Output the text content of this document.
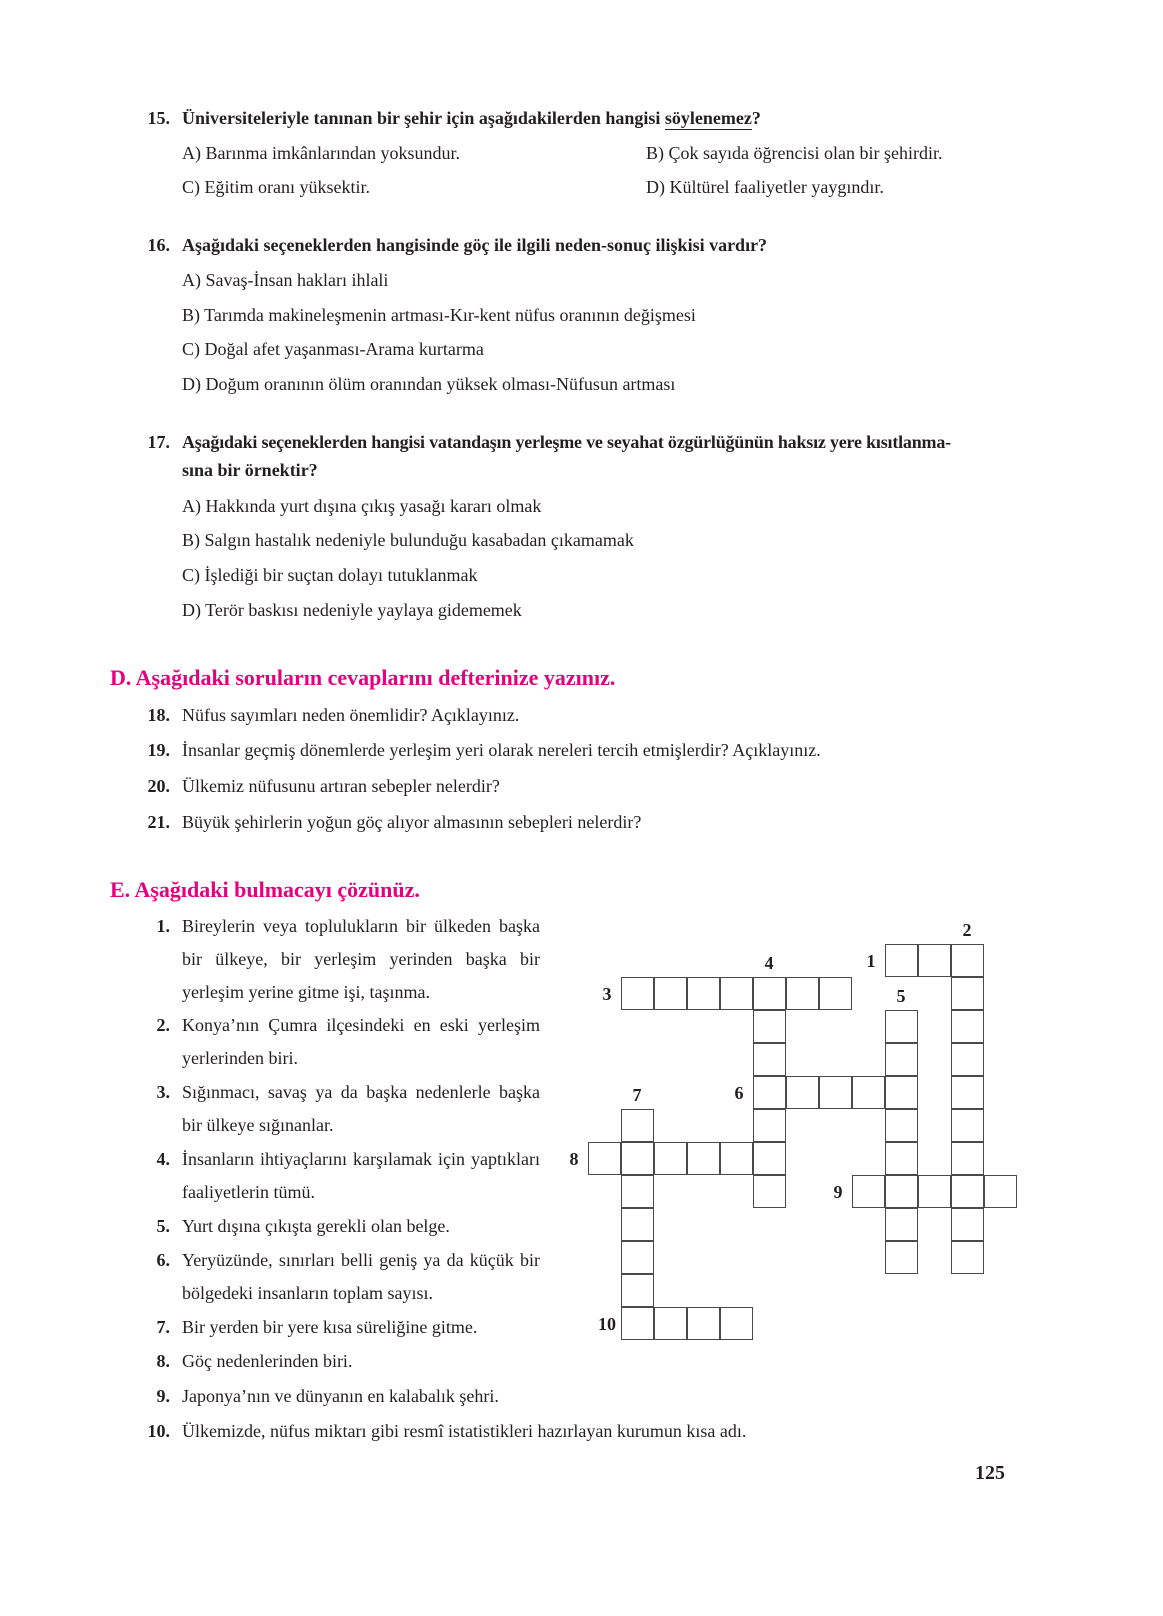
15. Üniversiteleriyle tanınan bir şehir için aşağıdakilerden hangisi söylenemez?
A) Barınma imkânlarından yoksundur.	B) Çok sayıda öğrencisi olan bir şehirdir.
C) Eğitim oranı yüksektir.	D) Kültürel faaliyetler yaygındır.
16. Aşağıdaki seçeneklerden hangisinde göç ile ilgili neden-sonuç ilişkisi vardır?
A) Savaş-İnsan hakları ihlali
B) Tarımda makineleşmenin artması-Kır-kent nüfus oranının değişmesi
C) Doğal afet yaşanması-Arama kurtarma
D) Doğum oranının ölüm oranından yüksek olması-Nüfusun artması
17. Aşağıdaki seçeneklerden hangisi vatandaşın yerleşme ve seyahat özgürlüğünün haksız yere kısıtlanma-
sına bir örnektir?
A) Hakkında yurt dışına çıkış yasağı kararı olmak
B) Salgın hastalık nedeniyle bulunduğu kasabadan çıkamamak
C) İşlediği bir suçtan dolayı tutuklanmak
D) Terör baskısı nedeniyle yaylaya gidememek
D. Aşağıdaki soruların cevaplarını defterinize yazınız.
18. Nüfus sayımları neden önemlidir? Açıklayınız.
19. İnsanlar geçmiş dönemlerde yerleşim yeri olarak nereleri tercih etmişlerdir? Açıklayınız.
20. Ülkemiz nüfusunu artıran sebepler nelerdir?
21. Büyük şehirlerin yoğun göç alıyor almasının sebepleri nelerdir?
E. Aşağıdaki bulmacayı çözünüz.
1. Bireylerin veya toplulukların bir ülkeden başka bir ülkeye, bir yerleşim yerinden başka bir yerleşim yerine gitme işi, taşınma.
2. Konya’nın Çumra ilçesindeki en eski yerleşim yerlerinden biri.
3. Sığınmacı, savaş ya da başka nedenlerle başka bir ülkeye sığınanlar.
4. İnsanların ihtiyaçlarını karşılamak için yaptıkları faaliyetlerin tümü.
5. Yurt dışına çıkışta gerekli olan belge.
6. Yeryüzünde, sınırları belli geniş ya da küçük bir bölgedeki insanların toplam sayısı.
7. Bir yerden bir yere kısa süreliğine gitme.
8. Göç nedenlerinden biri.
9. Japonya’nın ve dünyanın en kalabalık şehri.
10. Ülkemizde, nüfus miktarı gibi resmî istatistikleri hazırlayan kurumun kısa adı.
1
2
3
4
5
6
7
8
9
10
125
